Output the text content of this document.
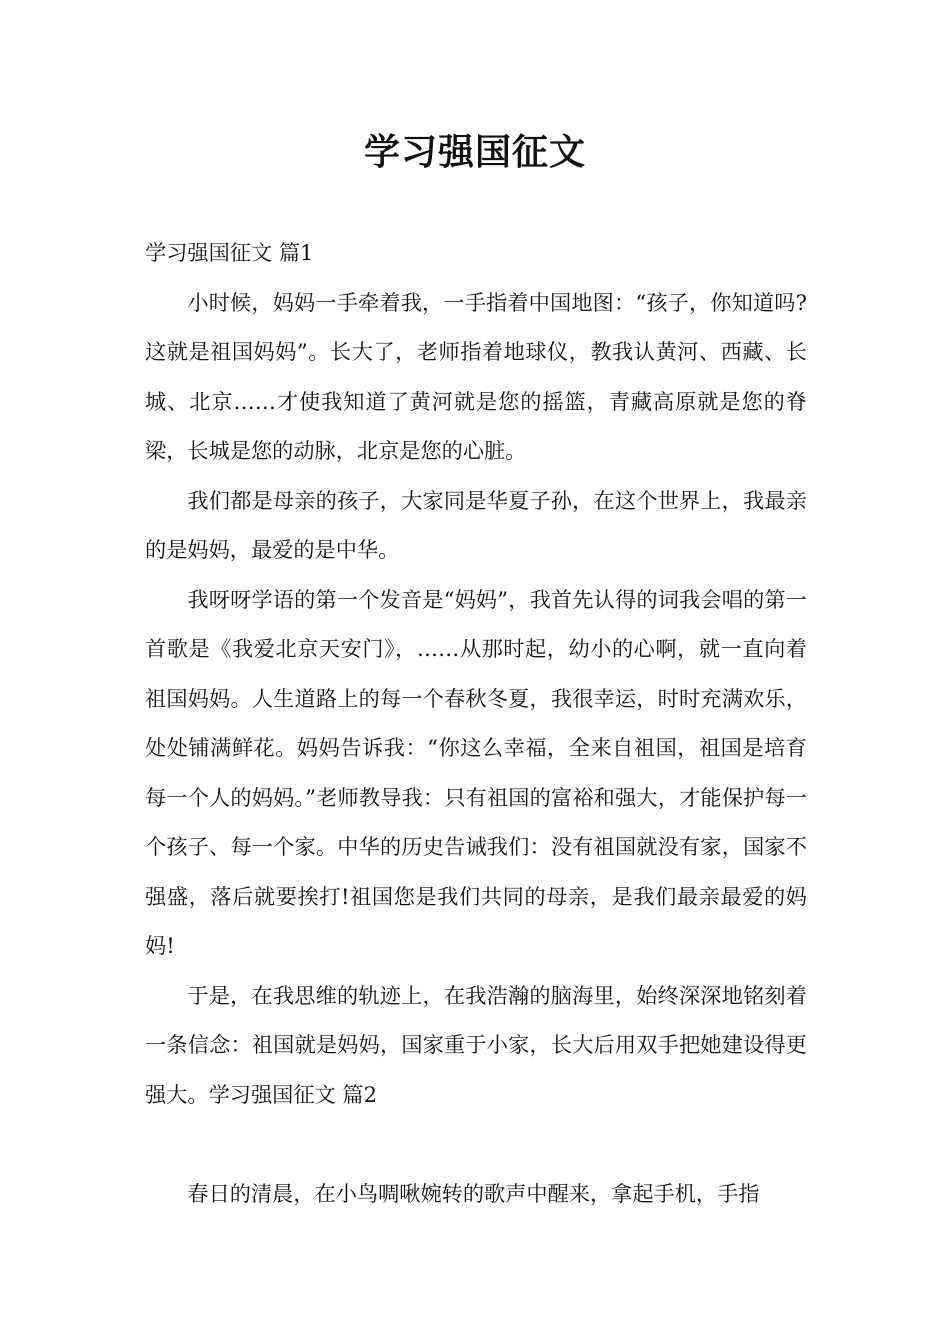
学习强国征文

学习强国征文 篇1

小时候，妈妈一手牵着我，一手指着中国地图：“孩子，你知道吗?这就是祖国妈妈”。长大了，老师指着地球仪，教我认黄河、西藏、长城、北京……才使我知道了黄河就是您的摇篮，青藏高原就是您的脊梁，长城是您的动脉，北京是您的心脏。

我们都是母亲的孩子，大家同是华夏子孙，在这个世界上，我最亲的是妈妈，最爱的是中华。

我呀呀学语的第一个发音是“妈妈”，我首先认得的词我会唱的第一首歌是《我爱北京天安门》，……从那时起，幼小的心啊，就一直向着祖国妈妈。人生道路上的每一个春秋冬夏，我很幸运，时时充满欢乐，处处铺满鲜花。妈妈告诉我：“你这么幸福，全来自祖国，祖国是培育每一个人的妈妈。”老师教导我：只有祖国的富裕和强大，才能保护每一个孩子、每一个家。中华的历史告诫我们：没有祖国就没有家，国家不强盛，落后就要挨打!祖国您是我们共同的母亲，是我们最亲最爱的妈妈!

于是，在我思维的轨迹上，在我浩瀚的脑海里，始终深深地铭刻着一条信念：祖国就是妈妈，国家重于小家，长大后用双手把她建设得更强大。学习强国征文 篇2

春日的清晨，在小鸟啁啾婉转的歌声中醒来，拿起手机，手指
